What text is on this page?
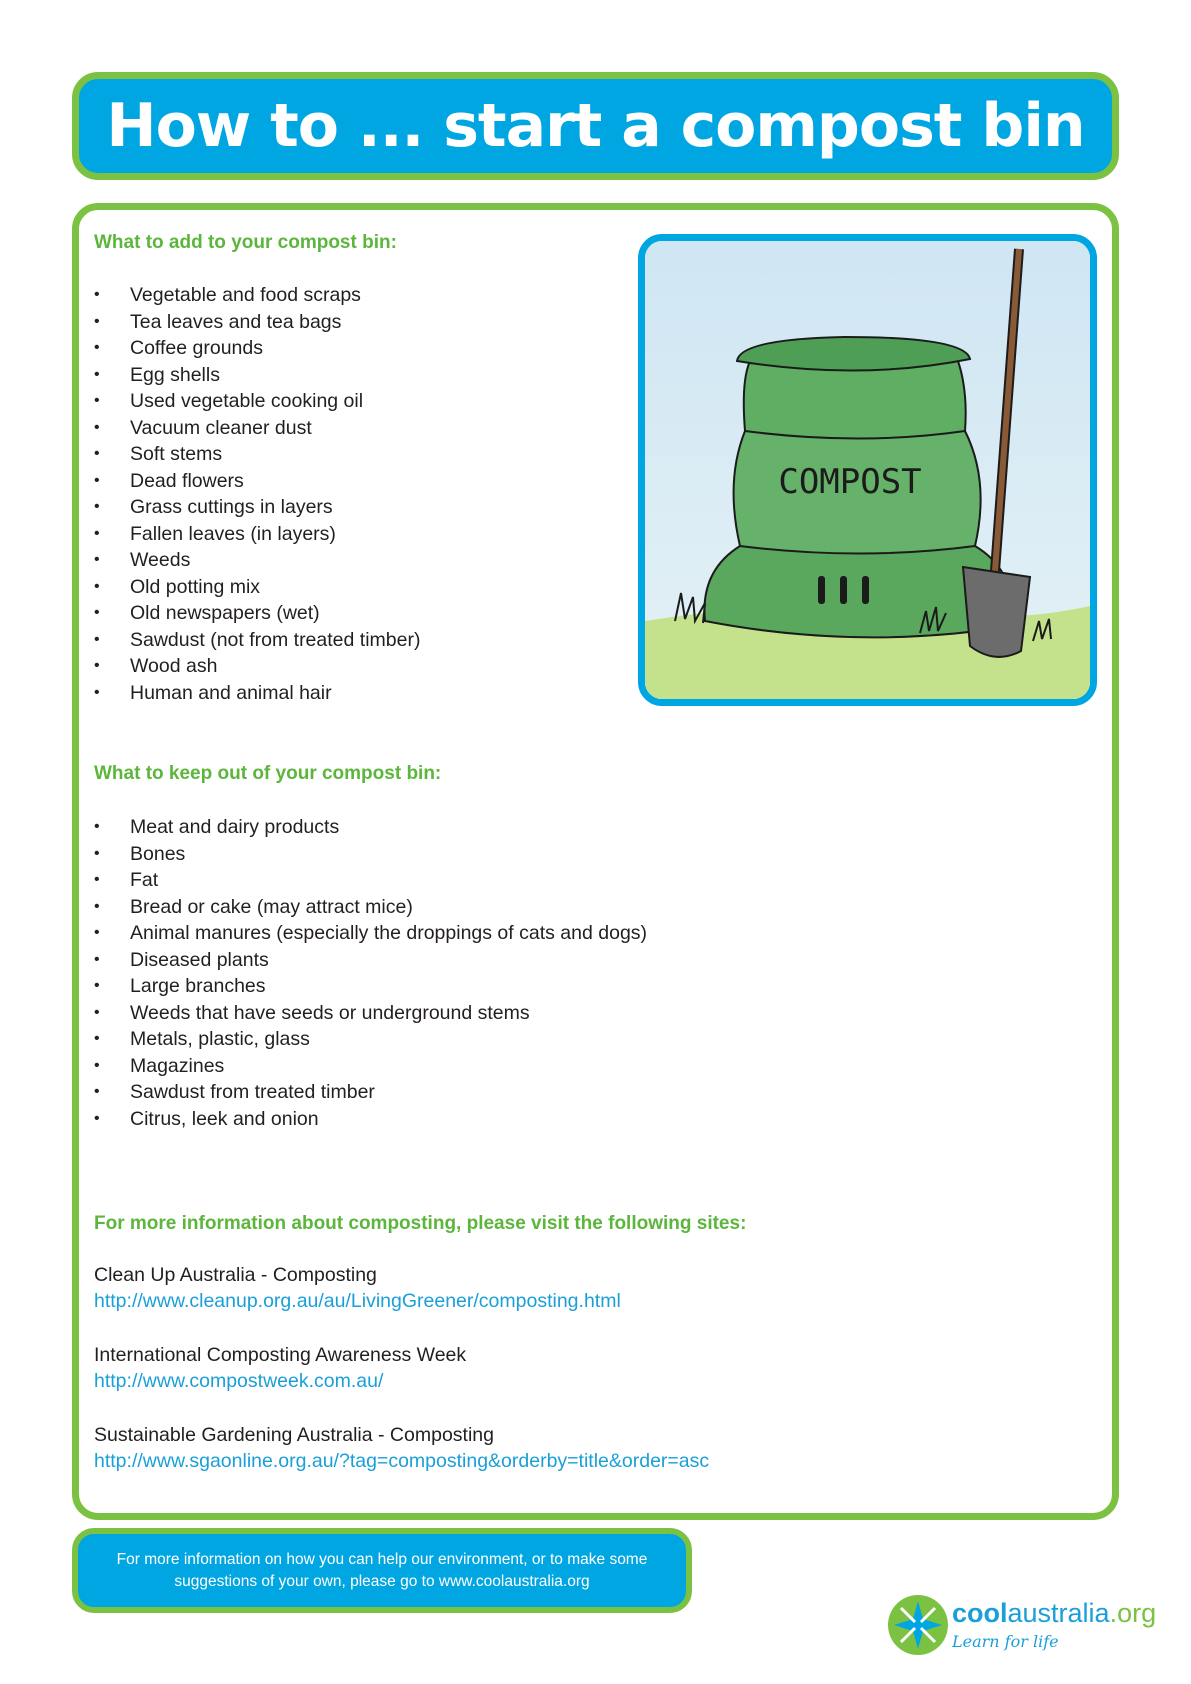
How to ... start a compost bin
What to add to your compost bin:
• Vegetable and food scraps
• Tea leaves and tea bags
• Coffee grounds
• Egg shells
• Used vegetable cooking oil
• Vacuum cleaner dust
• Soft stems
• Dead flowers
• Grass cuttings in layers
• Fallen leaves (in layers)
• Weeds
• Old potting mix
• Old newspapers (wet)
• Sawdust (not from treated timber)
• Wood ash
• Human and animal hair
What to keep out of your compost bin:
• Meat and dairy products
• Bones
• Fat
• Bread or cake (may attract mice)
• Animal manures (especially the droppings of cats and dogs)
• Diseased plants
• Large branches
• Weeds that have seeds or underground stems
• Metals, plastic, glass
• Magazines
• Sawdust from treated timber
• Citrus, leek and onion
For more information about composting, please visit the following sites:
Clean Up Australia - Composting
http://www.cleanup.org.au/au/LivingGreener/composting.html
International Composting Awareness Week
http://www.compostweek.com.au/
Sustainable Gardening Australia - Composting
http://www.sgaonline.org.au/?tag=composting&orderby=title&order=asc
COMPOST
For more information on how you can help our environment, or to make some suggestions of your own, please go to www.coolaustralia.org
coolaustralia.org
Learn for life
